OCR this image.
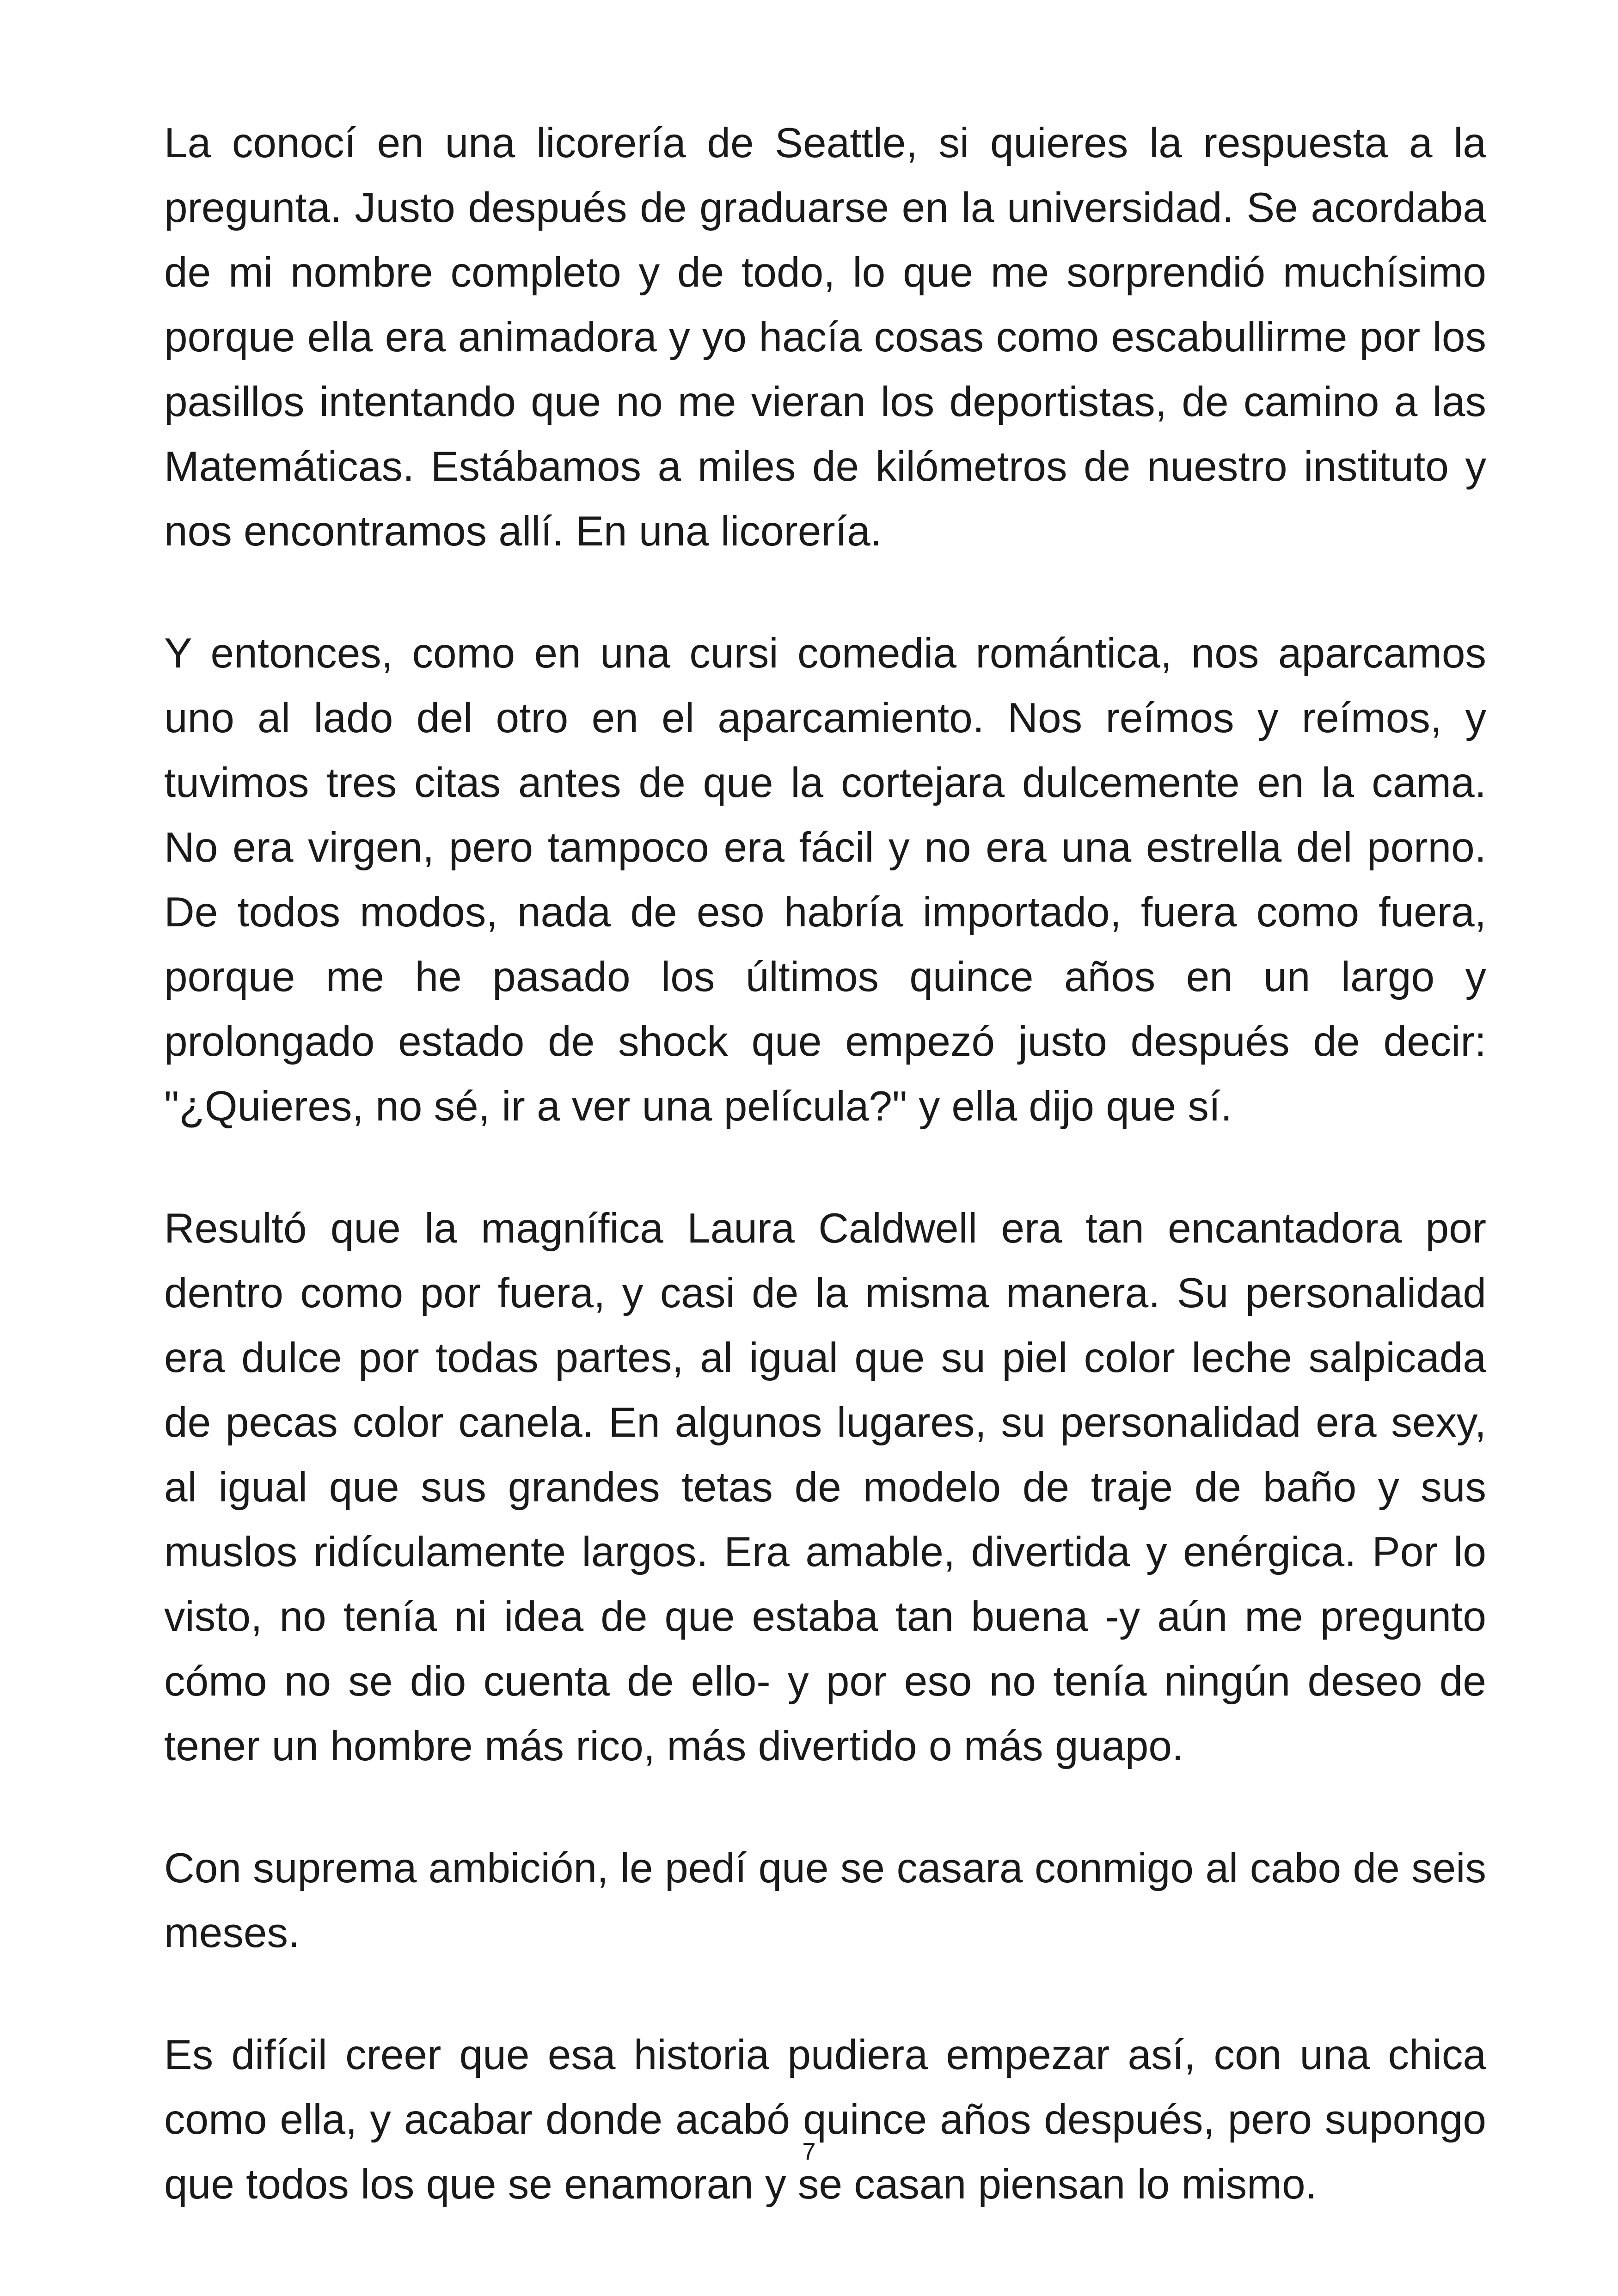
La conocí en una licorería de Seattle, si quieres la respuesta a la pregunta. Justo después de graduarse en la universidad. Se acordaba de mi nombre completo y de todo, lo que me sorprendió muchísimo porque ella era animadora y yo hacía cosas como escabullirme por los pasillos intentando que no me vieran los deportistas, de camino a las Matemáticas. Estábamos a miles de kilómetros de nuestro instituto y nos encontramos allí. En una licorería.

Y entonces, como en una cursi comedia romántica, nos aparcamos uno al lado del otro en el aparcamiento. Nos reímos y reímos, y tuvimos tres citas antes de que la cortejara dulcemente en la cama. No era virgen, pero tampoco era fácil y no era una estrella del porno. De todos modos, nada de eso habría importado, fuera como fuera, porque me he pasado los últimos quince años en un largo y prolongado estado de shock que empezó justo después de decir: "¿Quieres, no sé, ir a ver una película?" y ella dijo que sí.

Resultó que la magnífica Laura Caldwell era tan encantadora por dentro como por fuera, y casi de la misma manera. Su personalidad era dulce por todas partes, al igual que su piel color leche salpicada de pecas color canela. En algunos lugares, su personalidad era sexy, al igual que sus grandes tetas de modelo de traje de baño y sus muslos ridículamente largos. Era amable, divertida y enérgica. Por lo visto, no tenía ni idea de que estaba tan buena -y aún me pregunto cómo no se dio cuenta de ello- y por eso no tenía ningún deseo de tener un hombre más rico, más divertido o más guapo.

Con suprema ambición, le pedí que se casara conmigo al cabo de seis meses.

Es difícil creer que esa historia pudiera empezar así, con una chica como ella, y acabar donde acabó quince años después, pero supongo que todos los que se enamoran y se casan piensan lo mismo.

7
